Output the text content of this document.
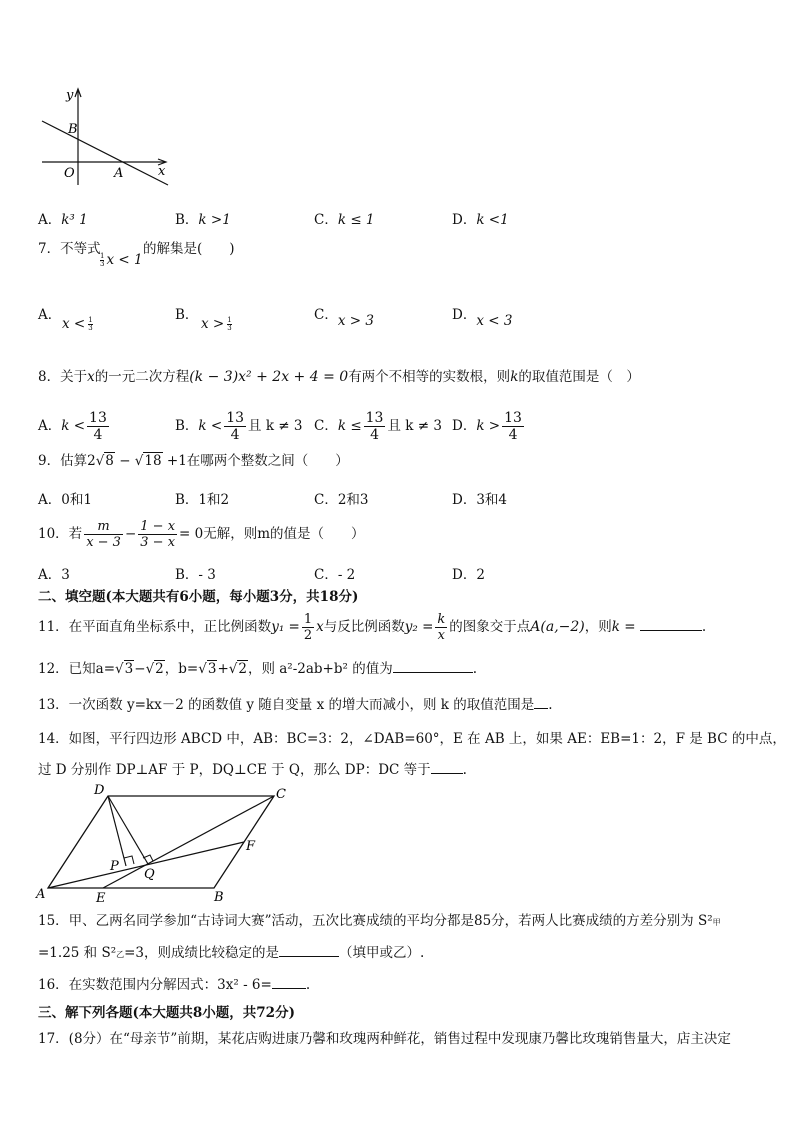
y
B
O	A	x
A．k³ 1	B．k >1	C．k ≤ 1	D．k <1
7．不等式
$\frac{1}{3}$ x < 1
的解集是(　　)
A．
$x < \frac{1}{3}$
B．
$x > \frac{1}{3}$
C．x > 3	D．x < 3
8．关于x的一元二次方程(k − 3)x² + 2x + 4 = 0有两个不相等的实数根，则k的取值范围是（　）
A．$k < \frac{13}{4}$	B．$k < \frac{13}{4}$ 且 k ≠ 3 C．$k \le \frac{13}{4}$ 且 k ≠ 3 D．$k > \frac{13}{4}$
9．估算2√8 − √18 +1在哪两个整数之间（　　）
A．0和1	B．1和2	C．2和3	D．3和4
10．若 $\frac{m}{x - 3} - \frac{1 - x}{3 - x} = 0$无解，则m的值是（　　）
A．3	B．- 3	C．- 2	D．2
二、填空题(本大题共有6小题，每小题3分，共18分)
11．在平面直角坐标系中，正比例函数$y_1 = \frac{1}{2}$ x与反比例函数$y_2 = \frac{k}{x}$ 的图象交于点A(a,−2)，则k =	.
12．已知a=√3−√2，b=√3+√2，则 a²-2ab+b² 的值为	.
13．一次函数 y=kx－2 的函数值 y 随自变量 x 的增大而减小，则 k 的取值范围是 .
14．如图，平行四边形 ABCD 中，AB：BC=3：2，∠DAB=60°，E 在 AB 上，如果 AE：EB=1：2，F 是 BC 的中点，
过 D 分别作 DP⊥AF 于 P，DQ⊥CE 于 Q，那么 DP：DC 等于 .
D	C
F
P
Q
A	E	B
15．甲、乙两名同学参加“古诗词大赛”活动，五次比赛成绩的平均分都是85分，若两人比赛成绩的方差分别为 S²甲
=1.25 和 S²乙=3，则成绩比较稳定的是	（填甲或乙）.
16．在实数范围内分解因式：3x² - 6=	.
三、解下列各题(本大题共8小题，共72分)
17．(8分）在“母亲节”前期，某花店购进康乃馨和玫瑰两种鲜花，销售过程中发现康乃馨比玫瑰销售量大，店主决定
